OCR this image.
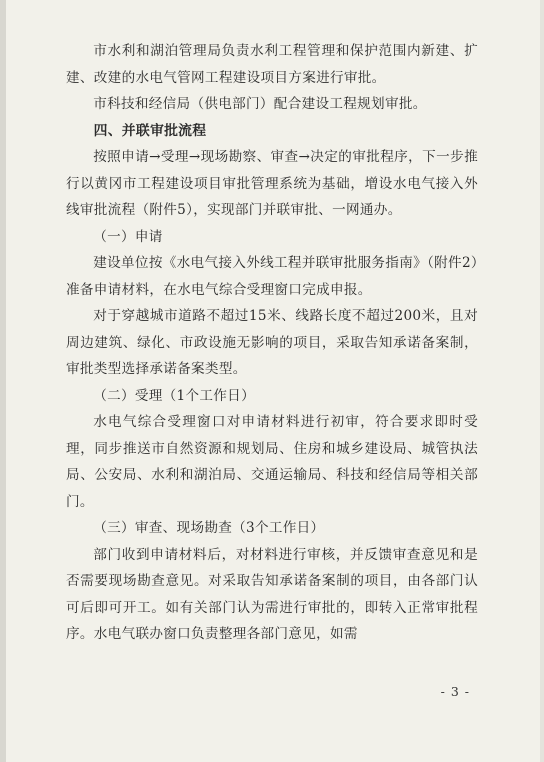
市水利和湖泊管理局负责水利工程管理和保护范围内新建、扩建、改建的水电气管网工程建设项目方案进行审批。

市科技和经信局（供电部门）配合建设工程规划审批。

四、并联审批流程

按照申请→受理→现场勘察、审查→决定的审批程序，下一步推行以黄冈市工程建设项目审批管理系统为基础，增设水电气接入外线审批流程（附件5），实现部门并联审批、一网通办。

（一）申请

建设单位按《水电气接入外线工程并联审批服务指南》（附件2）准备申请材料，在水电气综合受理窗口完成申报。

对于穿越城市道路不超过15米、线路长度不超过200米，且对周边建筑、绿化、市政设施无影响的项目，采取告知承诺备案制，审批类型选择承诺备案类型。

（二）受理（1个工作日）

水电气综合受理窗口对申请材料进行初审，符合要求即时受理，同步推送市自然资源和规划局、住房和城乡建设局、城管执法局、公安局、水利和湖泊局、交通运输局、科技和经信局等相关部门。

（三）审查、现场勘查（3个工作日）

部门收到申请材料后，对材料进行审核，并反馈审查意见和是否需要现场勘查意见。对采取告知承诺备案制的项目，由各部门认可后即可开工。如有关部门认为需进行审批的，即转入正常审批程序。水电气联办窗口负责整理各部门意见，如需

- 3 -
